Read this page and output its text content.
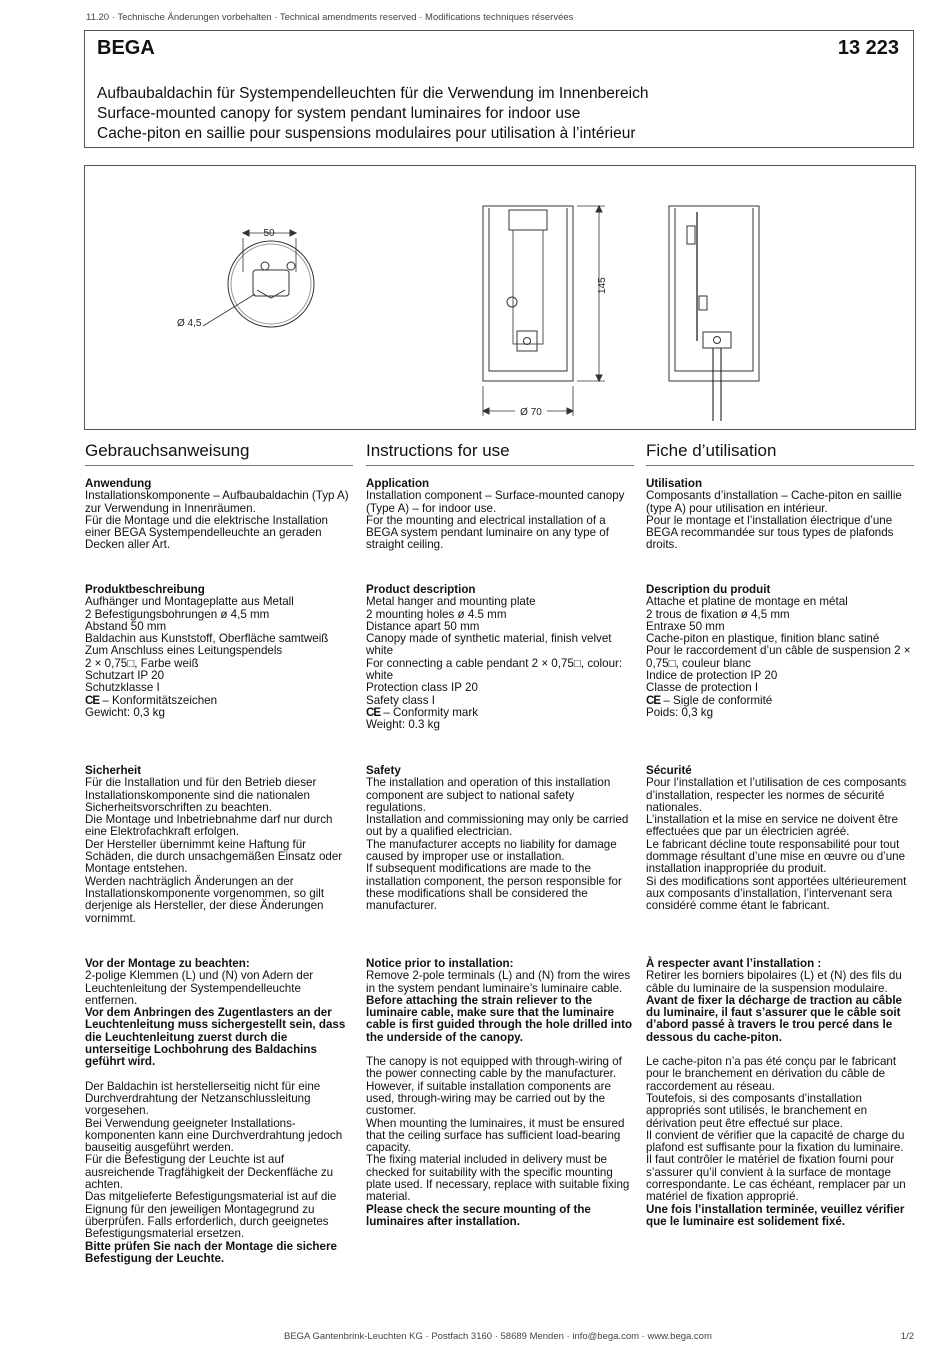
11.20 · Technische Änderungen vorbehalten · Technical amendments reserved · Modifications techniques réservées
BEGA	13 223
Aufbaubaldachin für Systempendelleuchten für die Verwendung im Innenbereich
Surface-mounted canopy for system pendant luminaires for indoor use
Cache-piton en saillie pour suspensions modulaires pour utilisation à l’intérieur
50
Ø 4,5
145
Ø 70
Gebrauchsanweisung

Anwendung

Installationskomponente – Aufbaubaldachin (Typ A) zur Verwendung in Innenräumen.

Für die Montage und die elektrische Installation einer BEGA Systempendelleuchte an geraden Decken aller Art.

Produktbeschreibung

Aufhänger und Montageplatte aus Metall

2 Befestigungsbohrungen ø 4,5 mm

Abstand 50 mm

Baldachin aus Kunststoff, Oberfläche samtweiß

Zum Anschluss eines Leitungspendels

2 × 0,75□, Farbe weiß

Schutzart IP 20

Schutzklasse I

CE – Konformitätszeichen

Gewicht: 0,3 kg

Sicherheit

Für die Installation und für den Betrieb dieser Installationskomponente sind die nationalen Sicherheitsvorschriften zu beachten.

Die Montage und Inbetriebnahme darf nur durch eine Elektrofachkraft erfolgen.

Der Hersteller übernimmt keine Haftung für Schäden, die durch unsachgemäßen Einsatz oder Montage entstehen.

Werden nachträglich Änderungen an der Installationskomponente vorgenommen, so gilt derjenige als Hersteller, der diese Änderungen vornimmt.

Vor der Montage zu beachten:

2-polige Klemmen (L) und (N) von Adern der Leuchtenleitung der Systempendelleuchte entfernen.

Vor dem Anbringen des Zugentlasters an der Leuchtenleitung muss sichergestellt sein, dass die Leuchtenleitung zuerst durch die unterseitige Lochbohrung des Baldachins geführt wird.

Der Baldachin ist herstellerseitig nicht für eine Durchverdrahtung der Netzanschlussleitung vorgesehen.

Bei Verwendung geeigneter Installations-komponenten kann eine Durchverdrahtung jedoch bauseitig ausgeführt werden.

Für die Befestigung der Leuchte ist auf ausreichende Tragfähigkeit der Deckenfläche zu achten.

Das mitgelieferte Befestigungsmaterial ist auf die Eignung für den jeweiligen Montagegrund zu überprüfen. Falls erforderlich, durch geeignetes Befestigungsmaterial ersetzen.

Bitte prüfen Sie nach der Montage die sichere Befestigung der Leuchte.

Instructions for use

Application

Installation component – Surface-mounted canopy (Type A) – for indoor use.

For the mounting and electrical installation of a BEGA system pendant luminaire on any type of straight ceiling.

Product description

Metal hanger and mounting plate

2 mounting holes ø 4.5 mm

Distance apart 50 mm

Canopy made of synthetic material, finish velvet white

For connecting a cable pendant 2 × 0,75□, colour: white

Protection class IP 20

Safety class I

CE – Conformity mark

Weight: 0.3 kg

Safety

The installation and operation of this installation component are subject to national safety regulations.

Installation and commissioning may only be carried out by a qualified electrician.

The manufacturer accepts no liability for damage caused by improper use or installation.

If subsequent modifications are made to the installation component, the person responsible for these modifications shall be considered the manufacturer.

Notice prior to installation:

Remove 2-pole terminals (L) and (N) from the wires in the system pendant luminaire’s luminaire cable.

Before attaching the strain reliever to the luminaire cable, make sure that the luminaire cable is first guided through the hole drilled into the underside of the canopy.

The canopy is not equipped with through-wiring of the power connecting cable by the manufacturer.

However, if suitable installation components are used, through-wiring may be carried out by the customer.

When mounting the luminaires, it must be ensured that the ceiling surface has sufficient load-bearing capacity.

The fixing material included in delivery must be checked for suitability with the specific mounting plate used. If necessary, replace with suitable fixing material.

Please check the secure mounting of the luminaires after installation.

Fiche d’utilisation

Utilisation

Composants d’installation – Cache-piton en saillie (type A) pour utilisation en intérieur.

Pour le montage et l’installation électrique d’une BEGA recommandée sur tous types de plafonds droits.

Description du produit

Attache et platine de montage en métal

2 trous de fixation ø 4,5 mm

Entraxe 50 mm

Cache-piton en plastique, finition blanc satiné

Pour le raccordement d’un câble de suspension 2 × 0,75□, couleur blanc

Indice de protection IP 20

Classe de protection I

CE – Sigle de conformité

Poids: 0,3 kg

Sécurité

Pour l’installation et l’utilisation de ces composants d’installation, respecter les normes de sécurité nationales.

L’installation et la mise en service ne doivent être effectuées que par un électricien agréé.

Le fabricant décline toute responsabilité pour tout dommage résultant d’une mise en œuvre ou d’une installation inappropriée du produit.

Si des modifications sont apportées ultérieurement aux composants d’installation, l’intervenant sera considéré comme étant le fabricant.

À respecter avant l’installation :

Retirer les borniers bipolaires (L) et (N) des fils du câble du luminaire de la suspension modulaire.

Avant de fixer la décharge de traction au câble du luminaire, il faut s’assurer que le câble soit d’abord passé à travers le trou percé dans le dessous du cache-piton.

Le cache-piton n’a pas été conçu par le fabricant pour le branchement en dérivation du câble de raccordement au réseau.

Toutefois, si des composants d’installation appropriés sont utilisés, le branchement en dérivation peut être effectué sur place.

Il convient de vérifier que la capacité de charge du plafond est suffisante pour la fixation du luminaire.

Il faut contrôler le matériel de fixation fourni pour s’assurer qu’il convient à la surface de montage correspondante. Le cas échéant, remplacer par un matériel de fixation approprié.

Une fois l’installation terminée, veuillez vérifier que le luminaire est solidement fixé.

BEGA Gantenbrink-Leuchten KG · Postfach 3160 · 58689 Menden · info@bega.com · www.bega.com	1/2
